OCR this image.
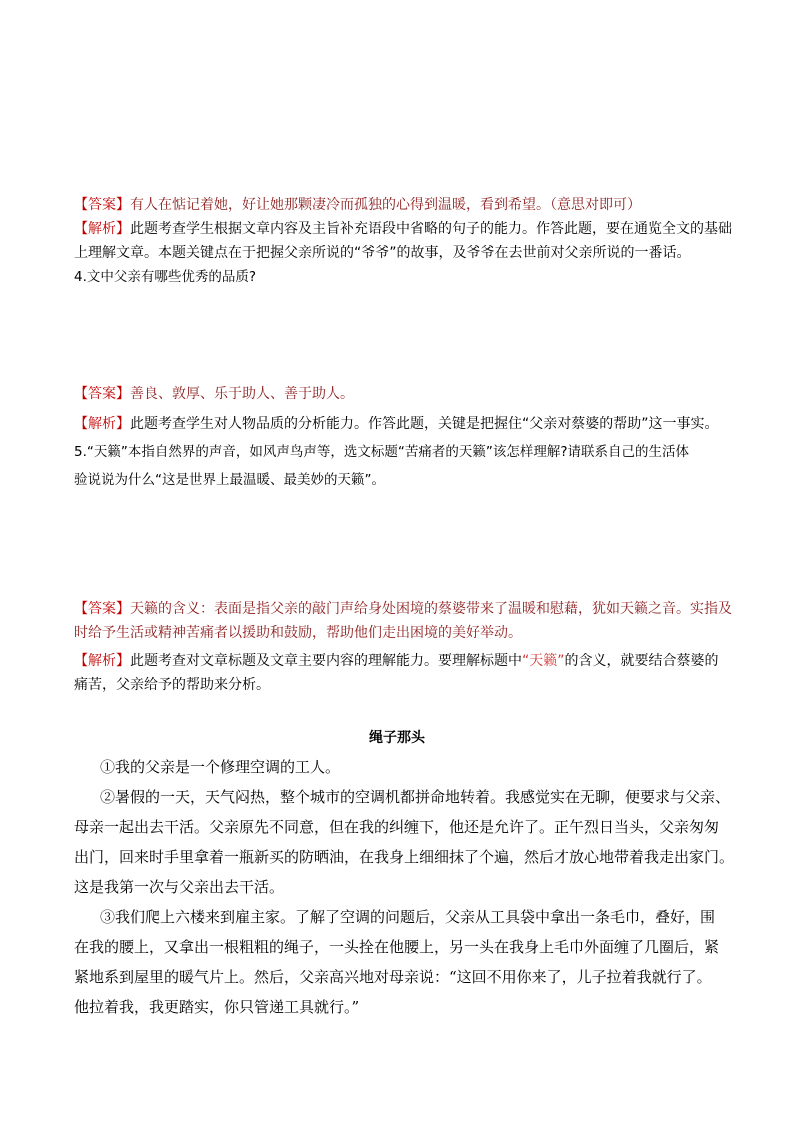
【答案】有人在惦记着她，好让她那颗凄冷而孤独的心得到温暖，看到希望。（意思对即可）
【解析】此题考查学生根据文章内容及主旨补充语段中省略的句子的能力。作答此题，要在通览全文的基础
上理解文章。本题关键点在于把握父亲所说的“爷爷”的故事，及爷爷在去世前对父亲所说的一番话。
4.文中父亲有哪些优秀的品质?
【答案】善良、敦厚、乐于助人、善于助人。
【解析】此题考查学生对人物品质的分析能力。作答此题，关键是把握住“父亲对蔡婆的帮助”这一事实。
5.“天籁”本指自然界的声音，如风声鸟声等，选文标题“苦痛者的天籁”该怎样理解?请联系自己的生活体
验说说为什么“这是世界上最温暖、最美妙的天籁”。
【答案】天籁的含义：表面是指父亲的敲门声给身处困境的蔡婆带来了温暖和慰藉，犹如天籁之音。实指及
时给予生活或精神苦痛者以援助和鼓励，帮助他们走出困境的美好举动。
【解析】此题考查对文章标题及文章主要内容的理解能力。要理解标题中“天籁”的含义，就要结合蔡婆的
痛苦，父亲给予的帮助来分析。
绳子那头
①我的父亲是一个修理空调的工人。
②暑假的一天，天气闷热，整个城市的空调机都拼命地转着。我感觉实在无聊，便要求与父亲、
母亲一起出去干活。父亲原先不同意，但在我的纠缠下，他还是允许了。正午烈日当头，父亲匆匆
出门，回来时手里拿着一瓶新买的防晒油，在我身上细细抹了个遍，然后才放心地带着我走出家门。
这是我第一次与父亲出去干活。
③我们爬上六楼来到雇主家。了解了空调的问题后，父亲从工具袋中拿出一条毛巾，叠好，围
在我的腰上，又拿出一根粗粗的绳子，一头拴在他腰上，另一头在我身上毛巾外面缠了几圈后，紧
紧地系到屋里的暖气片上。然后，父亲高兴地对母亲说：“这回不用你来了，儿子拉着我就行了。
他拉着我，我更踏实，你只管递工具就行。”
